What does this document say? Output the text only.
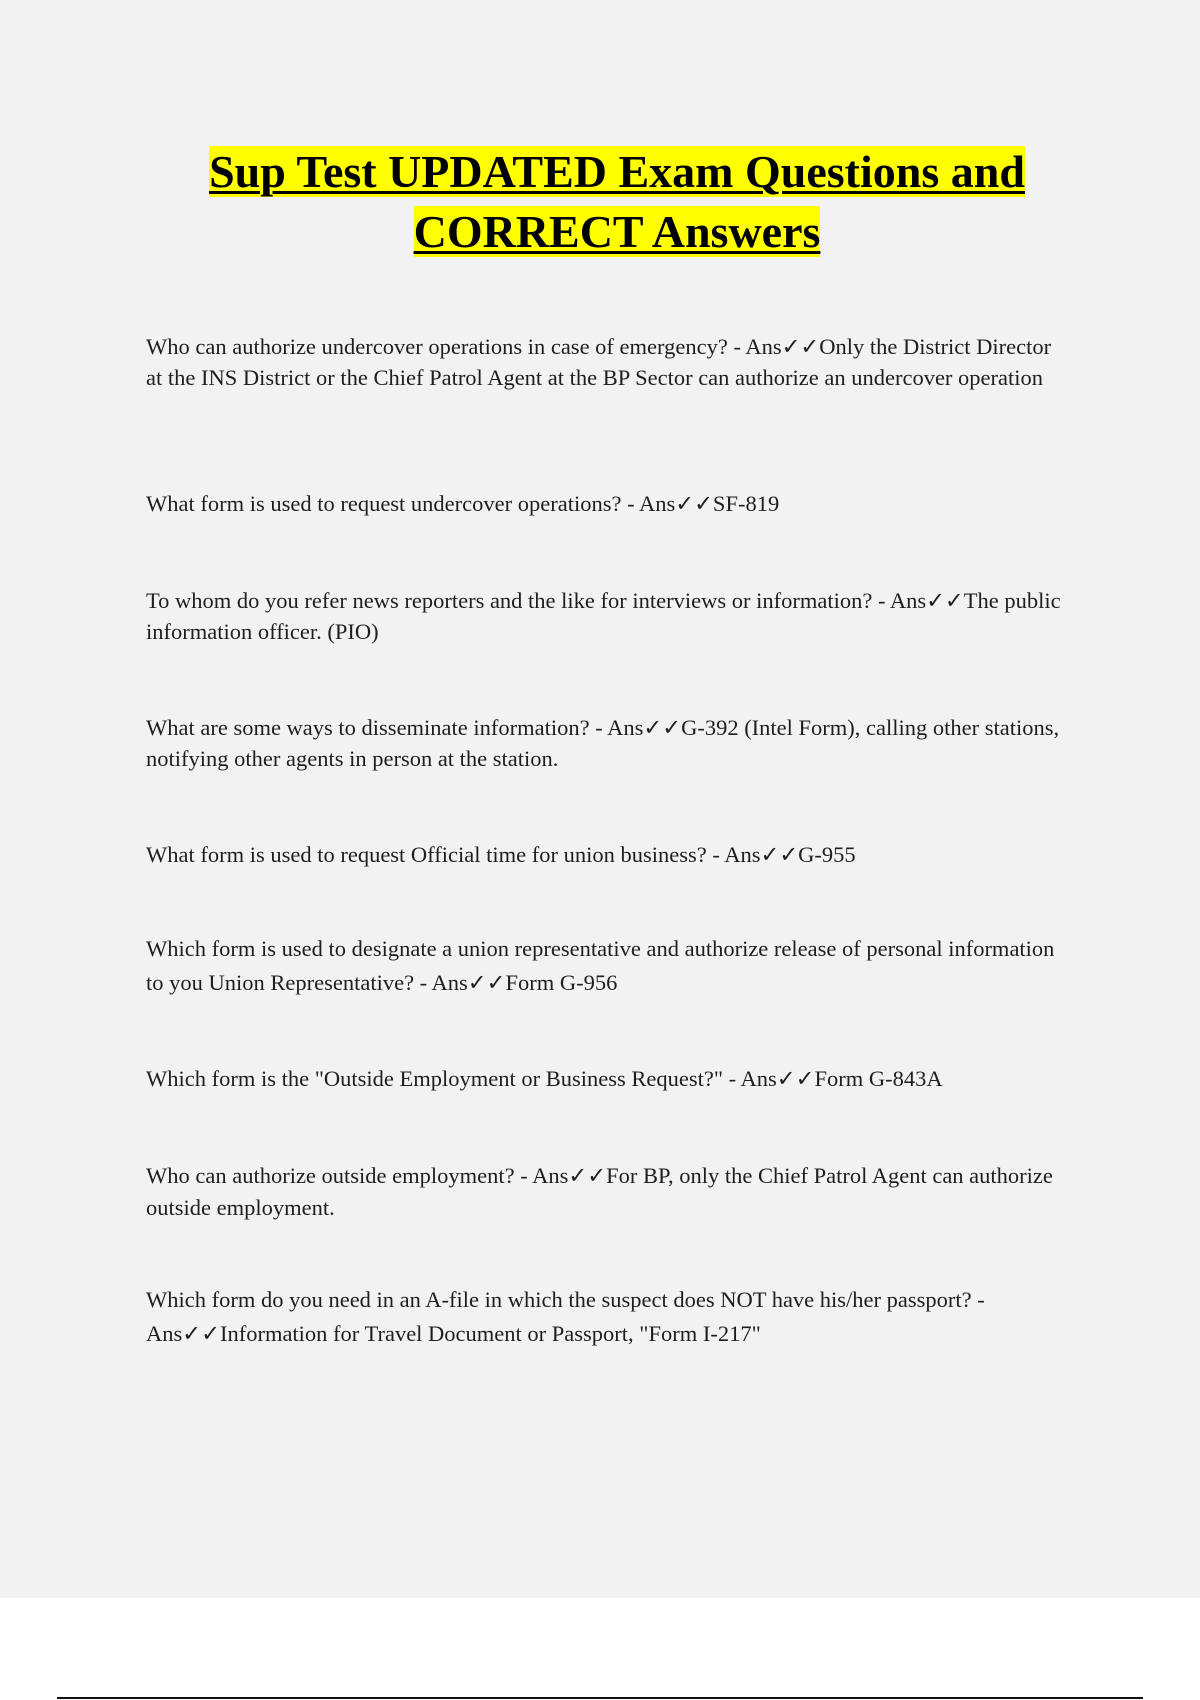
Sup Test UPDATED Exam Questions and CORRECT Answers

Who can authorize undercover operations in case of emergency? - Ans✓✓Only the District Director at the INS District or the Chief Patrol Agent at the BP Sector can authorize an undercover operation

What form is used to request undercover operations? - Ans✓✓SF-819

To whom do you refer news reporters and the like for interviews or information? - Ans✓✓The public information officer. (PIO)

What are some ways to disseminate information? - Ans✓✓G-392 (Intel Form), calling other stations, notifying other agents in person at the station.

What form is used to request Official time for union business? - Ans✓✓G-955

Which form is used to designate a union representative and authorize release of personal information to you Union Representative? - Ans✓✓Form G-956

Which form is the "Outside Employment or Business Request?" - Ans✓✓Form G-843A

Who can authorize outside employment? - Ans✓✓For BP, only the Chief Patrol Agent can authorize outside employment.

Which form do you need in an A-file in which the suspect does NOT have his/her passport? - Ans✓✓Information for Travel Document or Passport, "Form I-217"
